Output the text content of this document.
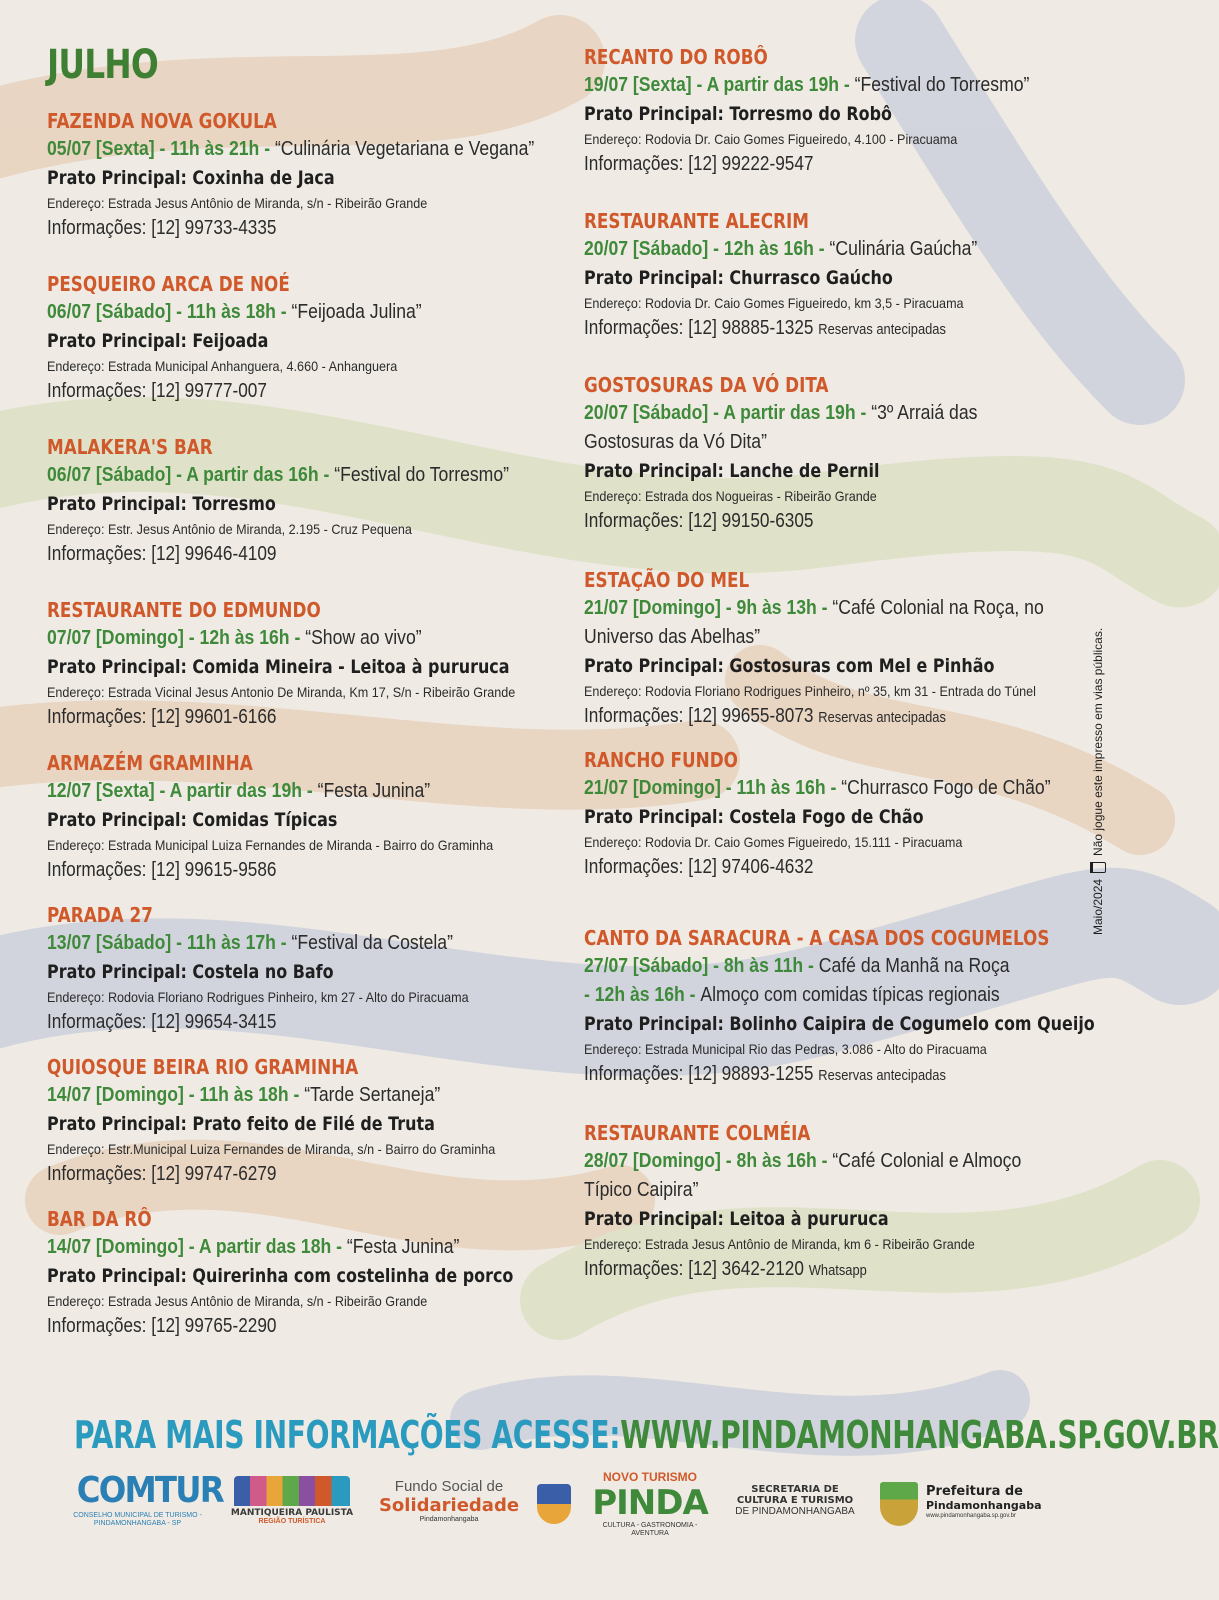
JULHO
FAZENDA NOVA GOKULA
05/07 [Sexta] - 11h às 21h - “Culinária Vegetariana e Vegana”
Prato Principal: Coxinha de Jaca
Endereço: Estrada Jesus Antônio de Miranda, s/n - Ribeirão Grande
Informações: [12] 99733-4335
PESQUEIRO ARCA DE NOÉ
06/07 [Sábado] - 11h às 18h - “Feijoada Julina”
Prato Principal: Feijoada
Endereço: Estrada Municipal Anhanguera, 4.660 - Anhanguera
Informações: [12] 99777-007
MALAKERA'S BAR
06/07 [Sábado] - A partir das 16h - “Festival do Torresmo”
Prato Principal: Torresmo
Endereço: Estr. Jesus Antônio de Miranda, 2.195 - Cruz Pequena
Informações: [12] 99646-4109
RESTAURANTE DO EDMUNDO
07/07 [Domingo] - 12h às 16h - “Show ao vivo”
Prato Principal: Comida Mineira - Leitoa à pururuca
Endereço: Estrada Vicinal Jesus Antonio De Miranda, Km 17, S/n - Ribeirão Grande
Informações: [12] 99601-6166
ARMAZÉM GRAMINHA
12/07 [Sexta] - A partir das 19h - “Festa Junina”
Prato Principal: Comidas Típicas
Endereço: Estrada Municipal Luiza Fernandes de Miranda - Bairro do Graminha
Informações: [12] 99615-9586
PARADA 27
13/07 [Sábado] - 11h às 17h - “Festival da Costela”
Prato Principal: Costela no Bafo
Endereço: Rodovia Floriano Rodrigues Pinheiro, km 27 - Alto do Piracuama
Informações: [12] 99654-3415
QUIOSQUE BEIRA RIO GRAMINHA
14/07 [Domingo] - 11h às 18h - “Tarde Sertaneja”
Prato Principal: Prato feito de Filé de Truta
Endereço: Estr.Municipal Luiza Fernandes de Miranda, s/n - Bairro do Graminha
Informações: [12] 99747-6279
BAR DA RÔ
14/07 [Domingo] - A partir das 18h - “Festa Junina”
Prato Principal: Quirerinha com costelinha de porco
Endereço: Estrada Jesus Antônio de Miranda, s/n - Ribeirão Grande
Informações: [12] 99765-2290
RECANTO DO ROBÔ
19/07 [Sexta] - A partir das 19h - “Festival do Torresmo”
Prato Principal: Torresmo do Robô
Endereço: Rodovia Dr. Caio Gomes Figueiredo, 4.100 - Piracuama
Informações: [12] 99222-9547
RESTAURANTE ALECRIM
20/07 [Sábado] - 12h às 16h - “Culinária Gaúcha”
Prato Principal: Churrasco Gaúcho
Endereço: Rodovia Dr. Caio Gomes Figueiredo, km 3,5 - Piracuama
Informações: [12] 98885-1325 Reservas antecipadas
GOSTOSURAS DA VÓ DITA
20/07 [Sábado] - A partir das 19h - “3º Arraiá das Gostosuras da Vó Dita”
Prato Principal: Lanche de Pernil
Endereço: Estrada dos Nogueiras - Ribeirão Grande
Informações: [12] 99150-6305
ESTAÇÃO DO MEL
21/07 [Domingo] - 9h às 13h - “Café Colonial na Roça, no Universo das Abelhas”
Prato Principal: Gostosuras com Mel e Pinhão
Endereço: Rodovia Floriano Rodrigues Pinheiro, nº 35, km 31 - Entrada do Túnel
Informações: [12] 99655-8073 Reservas antecipadas
RANCHO FUNDO
21/07 [Domingo] - 11h às 16h - “Churrasco Fogo de Chão”
Prato Principal: Costela Fogo de Chão
Endereço: Rodovia Dr. Caio Gomes Figueiredo, 15.111 - Piracuama
Informações: [12] 97406-4632
CANTO DA SARACURA - A CASA DOS COGUMELOS
27/07 [Sábado] - 8h às 11h - Café da Manhã na Roça
- 12h às 16h - Almoço com comidas típicas regionais
Prato Principal: Bolinho Caipira de Cogumelo com Queijo
Endereço: Estrada Municipal Rio das Pedras, 3.086 - Alto do Piracuama
Informações: [12] 98893-1255 Reservas antecipadas
RESTAURANTE COLMÉIA
28/07 [Domingo] - 8h às 16h - “Café Colonial e Almoço Típico Caipira”
Prato Principal: Leitoa à pururuca
Endereço: Estrada Jesus Antônio de Miranda, km 6 - Ribeirão Grande
Informações: [12] 3642-2120 Whatsapp
Maio/2024
Não jogue este impresso em vias públicas.
PARA MAIS INFORMAÇÕES ACESSE:WWW.PINDAMONHANGABA.SP.GOV.BR
COMTUR
CONSELHO MUNICIPAL DE TURISMO -PINDAMONHANGABA - SP
MANTIQUEIRA PAULISTA
REGIÃO TURÍSTICA
Fundo Social de
Solidariedade
Pindamonhangaba
NOVO TURISMO
PINDA
CULTURA - GASTRONOMIA - AVENTURA
SECRETARIA DE
CULTURA E TURISMO
DE PINDAMONHANGABA
Prefeitura de
Pindamonhangaba
www.pindamonhangaba.sp.gov.br
